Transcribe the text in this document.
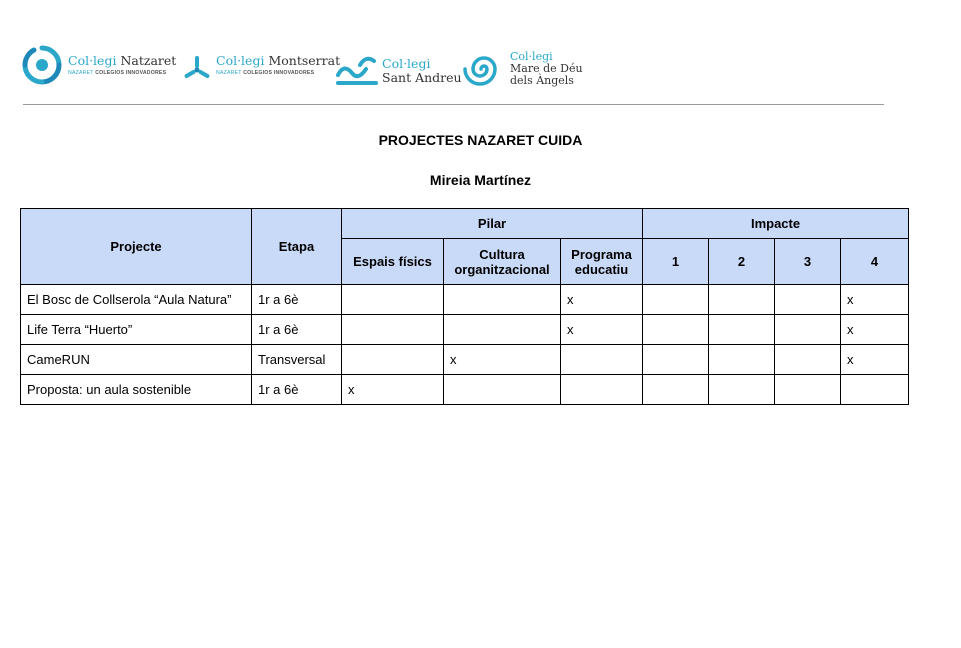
Col·legi Natzaret
NAZARET COLEGIOS INNOVADORES
Col·legi Montserrat
NAZARET COLEGIOS INNOVADORES
Col·legi
Sant Andreu
Col·legi
Mare de Déu
dels Àngels
PROJECTES NAZARET CUIDA
Mireia Martínez
Projecte	Etapa	Pilar			Impacte			
		Espais físics	Cultura organitzacional	Programa educatiu	1	2	3	4
El Bosc de Collserola “Aula Natura”	1r a 6è			x				x
Life Terra “Huerto”	1r a 6è			x				x
CameRUN	Transversal		x					x
Proposta: un aula sostenible	1r a 6è	x						
